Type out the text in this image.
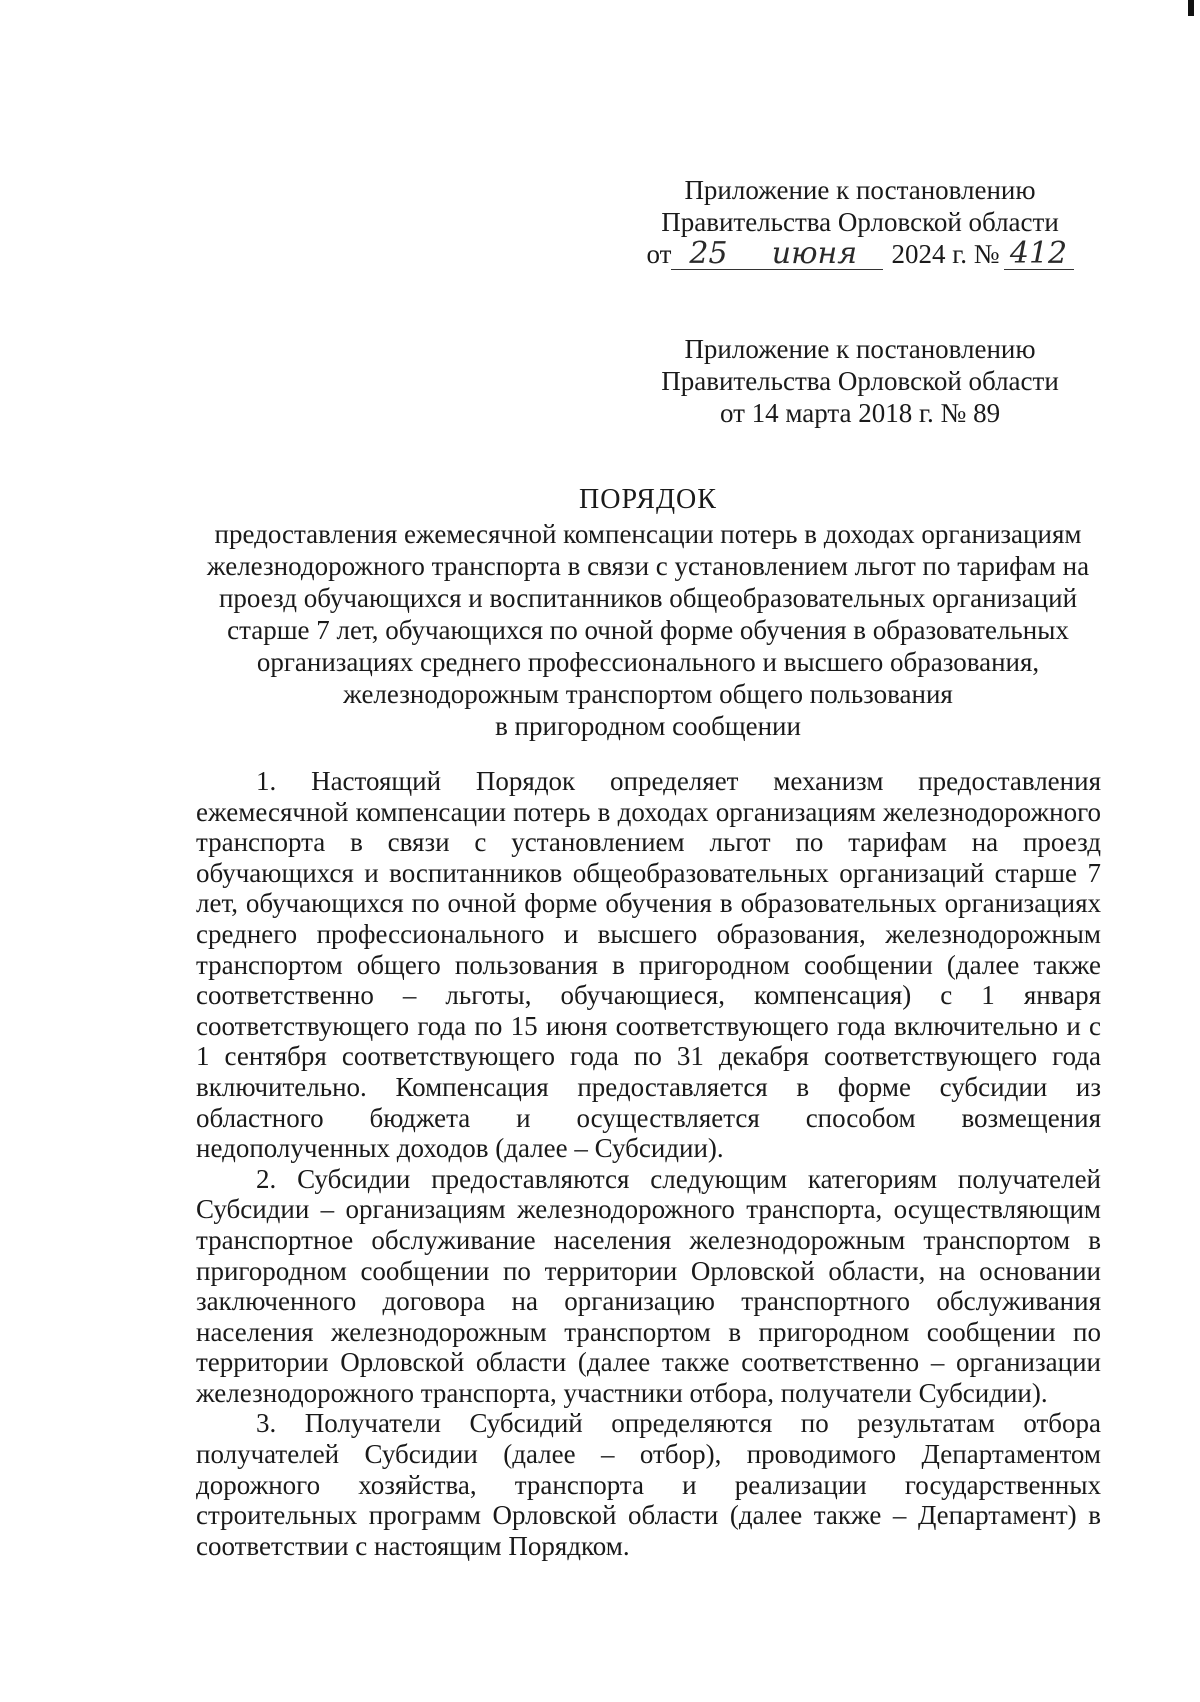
Приложение к постановлению
Правительства Орловской области
от 25	июня	2024 г. № 412
Приложение к постановлению
Правительства Орловской области
от 14 марта 2018 г. № 89
ПОРЯДОК
предоставления ежемесячной компенсации потерь в доходах организациям
железнодорожного транспорта в связи с установлением льгот по тарифам на
проезд обучающихся и воспитанников общеобразовательных организаций
старше 7 лет, обучающихся по очной форме обучения в образовательных
организациях среднего профессионального и высшего образования,
железнодорожным транспортом общего пользования
в пригородном сообщении

1. Настоящий Порядок определяет механизм предоставления ежемесячной компенсации потерь в доходах организациям железнодорожного транспорта в связи с установлением льгот по тарифам на проезд обучающихся и воспитанников общеобразовательных организаций старше 7 лет, обучающихся по очной форме обучения в образовательных организациях среднего профессионального и высшего образования, железнодорожным транспортом общего пользования в пригородном сообщении (далее также соответственно – льготы, обучающиеся, компенсация) с 1 января соответствующего года по 15 июня соответствующего года включительно и с 1 сентября соответствующего года по 31 декабря соответствующего года включительно. Компенсация предоставляется в форме субсидии из областного бюджета и осуществляется способом возмещения недополученных доходов (далее – Субсидии).

2. Субсидии предоставляются следующим категориям получателей Субсидии – организациям железнодорожного транспорта, осуществляющим транспортное обслуживание населения железнодорожным транспортом в пригородном сообщении по территории Орловской области, на основании заключенного договора на организацию транспортного обслуживания населения железнодорожным транспортом в пригородном сообщении по территории Орловской области (далее также соответственно – организации железнодорожного транспорта, участники отбора, получатели Субсидии).

3. Получатели Субсидий определяются по результатам отбора получателей Субсидии (далее – отбор), проводимого Департаментом дорожного хозяйства, транспорта и реализации государственных строительных программ Орловской области (далее также – Департамент) в соответствии с настоящим Порядком.
